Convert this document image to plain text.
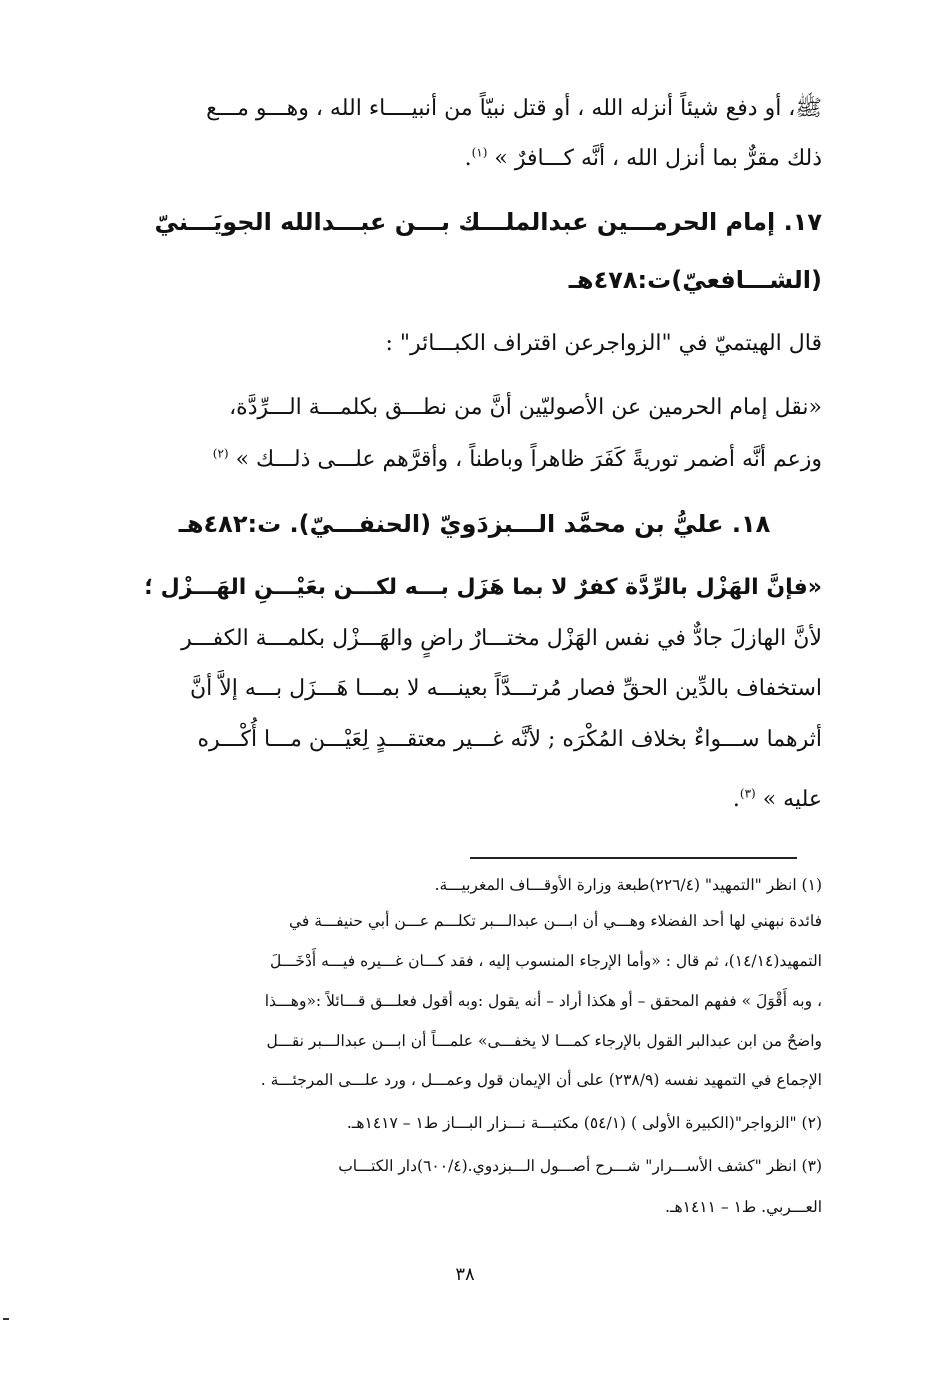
ﷺ، أو دفع شيئاً أنزله الله ، أو قتل نبيّاً من أنبيــــاء الله ، وهـــو مـــع
ذلك مقرٌّ بما أنزل الله ، أنَّه كـــافرٌ » $^{(١)}$.
١٧. إمام الحرمـــين عبدالملـــك بـــن عبـــدالله الجويَـــنيّ
(الشـــافعيّ)ت:٤٧٨هـ
قال الهيتميّ في "الزواجرعن اقتراف الكبـــائر" :
«نقل إمام الحرمين عن الأصوليّين أنَّ من نطـــق بكلمـــة الـــرِّدَّة،
وزعم أنَّه أضمر توريةً كَفَرَ ظاهراً وباطناً ، وأقرَّهم علـــى ذلـــك » $^{(٢)}$
١٨. عليُّ بن محمَّد الـــبزدَويّ (الحنفـــيّ). ت:٤٨٢هـ
«فإنَّ الهَزْل بالرِّدَّة كفرٌ لا بما هَزَل بـــه لكـــن بعَيْـــنِ الهَـــزْل ؛
لأنَّ الهازلَ جادٌّ في نفس الهَزْل مختـــارٌ راضٍ والهَـــزْل بكلمـــة الكفـــر
استخفاف بالدِّين الحقِّ فصار مُرتـــدَّاً بعينـــه لا بمـــا هَـــزَل بـــه إلاَّ أنَّ
أثرهما ســـواءٌ بخلاف المُكْرَه ; لأنَّه غـــير معتقـــدٍ لِعَيْـــن مـــا أُكْـــره
عليه » $^{(٣)}$.
(١) انظر "التمهيد" (٢٢٦/٤)طبعة وزارة الأوقـــاف المغربيـــة.
فائدة نبهني لها أحد الفضلاء وهـــي أن ابـــن عبدالـــبر تكلـــم عـــن أبي حنيفـــة في
التمهيد(١٤/١٤)، ثم قال : «وأما الإرجاء المنسوب إليه ، فقد كـــان غـــيره فيـــه أَدْخَـــلَ
، وبه أَقْوَلَ » ففهم المحقق – أو هكذا أراد – أنه يقول :وبه أقول فعلـــق قـــائلاً :«وهـــذا
واضحٌ من ابن عبدالبر القول بالإرجاء كمـــا لا يخفـــى» علمـــاً أن ابـــن عبدالـــبر نقـــل
الإجماع في التمهيد نفسه (٢٣٨/٩) على أن الإيمان قول وعمـــل ، ورد علـــى المرجئـــة .
(٢) "الزواجر"(الكبيرة الأولى ) (٥٤/١) مكتبـــة نـــزار البـــاز ط١ – ١٤١٧هـ.
(٣) انظر "كشف الأســـرار" شـــرح أصـــول الـــبزدوي.(٦٠٠/٤)دار الكتـــاب
العـــربي. ط١ – ١٤١١هـ.
٣٨
